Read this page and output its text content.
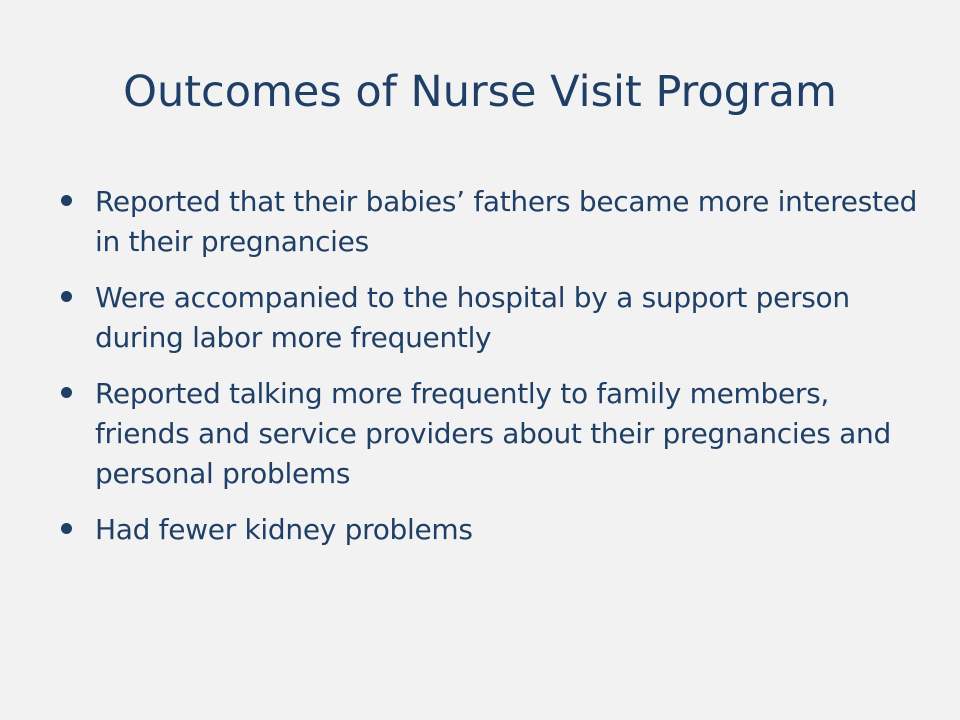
Outcomes of Nurse Visit Program
Reported that their babies’ fathers became more interested in their pregnancies
Were accompanied to the hospital by a support person during labor more frequently
Reported talking more frequently to family members, friends and service providers about their pregnancies and personal problems
Had fewer kidney problems
